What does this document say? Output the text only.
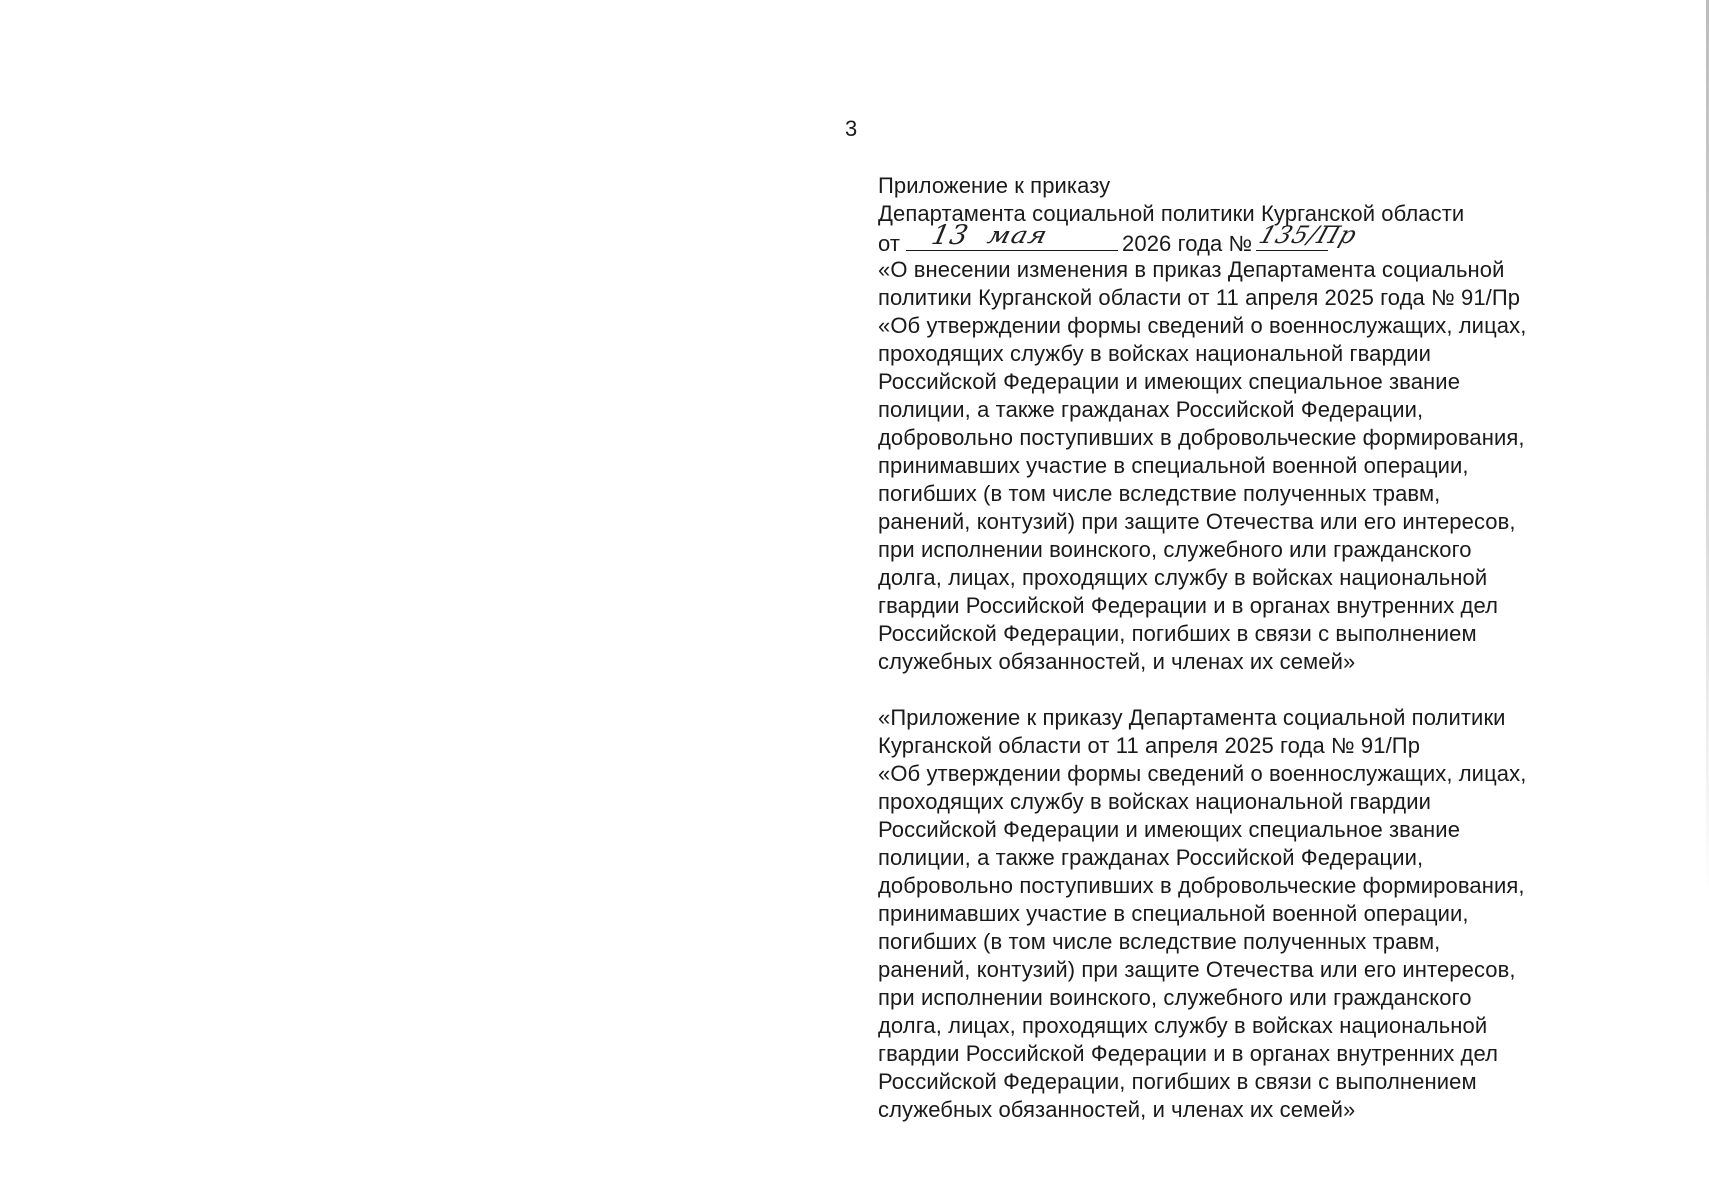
3
Приложение к приказу
Департамента социальной политики Курганской области
от 13 мая	2026 года № 135/Пр
«О внесении изменения в приказ Департамента социальной
политики Курганской области от 11 апреля 2025 года № 91/Пр
«Об утверждении формы сведений о военнослужащих, лицах,
проходящих службу в войсках национальной гвардии
Российской Федерации и имеющих специальное звание
полиции, а также гражданах Российской Федерации,
добровольно поступивших в добровольческие формирования,
принимавших участие в специальной военной операции,
погибших (в том числе вследствие полученных травм,
ранений, контузий) при защите Отечества или его интересов,
при исполнении воинского, служебного или гражданского
долга, лицах, проходящих службу в войсках национальной
гвардии Российской Федерации и в органах внутренних дел
Российской Федерации, погибших в связи с выполнением
служебных обязанностей, и членах их семей»
«Приложение к приказу Департамента социальной политики
Курганской области от 11 апреля 2025 года № 91/Пр
«Об утверждении формы сведений о военнослужащих, лицах,
проходящих службу в войсках национальной гвардии
Российской Федерации и имеющих специальное звание
полиции, а также гражданах Российской Федерации,
добровольно поступивших в добровольческие формирования,
принимавших участие в специальной военной операции,
погибших (в том числе вследствие полученных травм,
ранений, контузий) при защите Отечества или его интересов,
при исполнении воинского, служебного или гражданского
долга, лицах, проходящих службу в войсках национальной
гвардии Российской Федерации и в органах внутренних дел
Российской Федерации, погибших в связи с выполнением
служебных обязанностей, и членах их семей»
